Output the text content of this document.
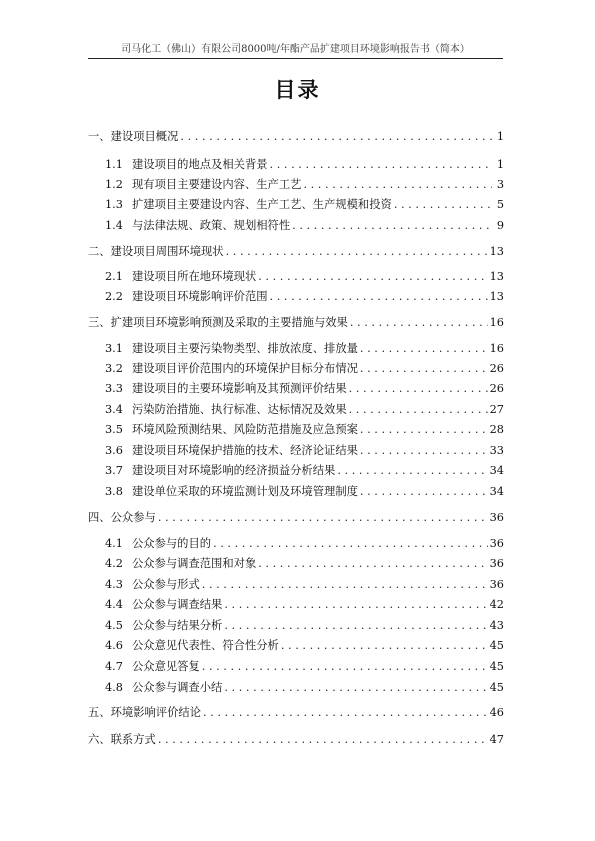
司马化工（佛山）有限公司8000吨/年酯产品扩建项目环境影响报告书（简本）
目录
一、 建设项目概况 . . .	1
1.1 建设项目的地点及相关背景 . . .	1
1.2 现有项目主要建设内容、生产工艺 . . .	3
1.3 扩建项目主要建设内容、生产工艺、生产规模和投资 . . .	5
1.4 与法律法规、政策、规划相符性 . . .	9
二、 建设项目周围环境现状 . . .	13
2.1 建设项目所在地环境现状 . . .	13
2.2 建设项目环境影响评价范围 . . .	13
三、 扩建项目环境影响预测及采取的主要措施与效果 . . .	16
3.1 建设项目主要污染物类型、排放浓度、排放量 . . .	16
3.2 建设项目评价范围内的环境保护目标分布情况 . . .	26
3.3 建设项目的主要环境影响及其预测评价结果 . . .	26
3.4 污染防治措施、执行标准、达标情况及效果 . . .	27
3.5 环境风险预测结果、风险防范措施及应急预案 . . .	28
3.6 建设项目环境保护措施的技术、经济论证结果 . . .	33
3.7 建设项目对环境影响的经济损益分析结果 . . .	34
3.8 建设单位采取的环境监测计划及环境管理制度 . . .	34
四、 公众参与 . . .	36
4.1 公众参与的目的 . . .	36
4.2 公众参与调查范围和对象 . . .	36
4.3 公众参与形式 . . .	36
4.4 公众参与调查结果 . . .	42
4.5 公众参与结果分析 . . .	43
4.6 公众意见代表性、符合性分析 . . .	45
4.7 公众意见答复 . . .	45
4.8 公众参与调查小结 . . .	45
五、 环境影响评价结论 . . .	46
六、 联系方式 . . .	47
